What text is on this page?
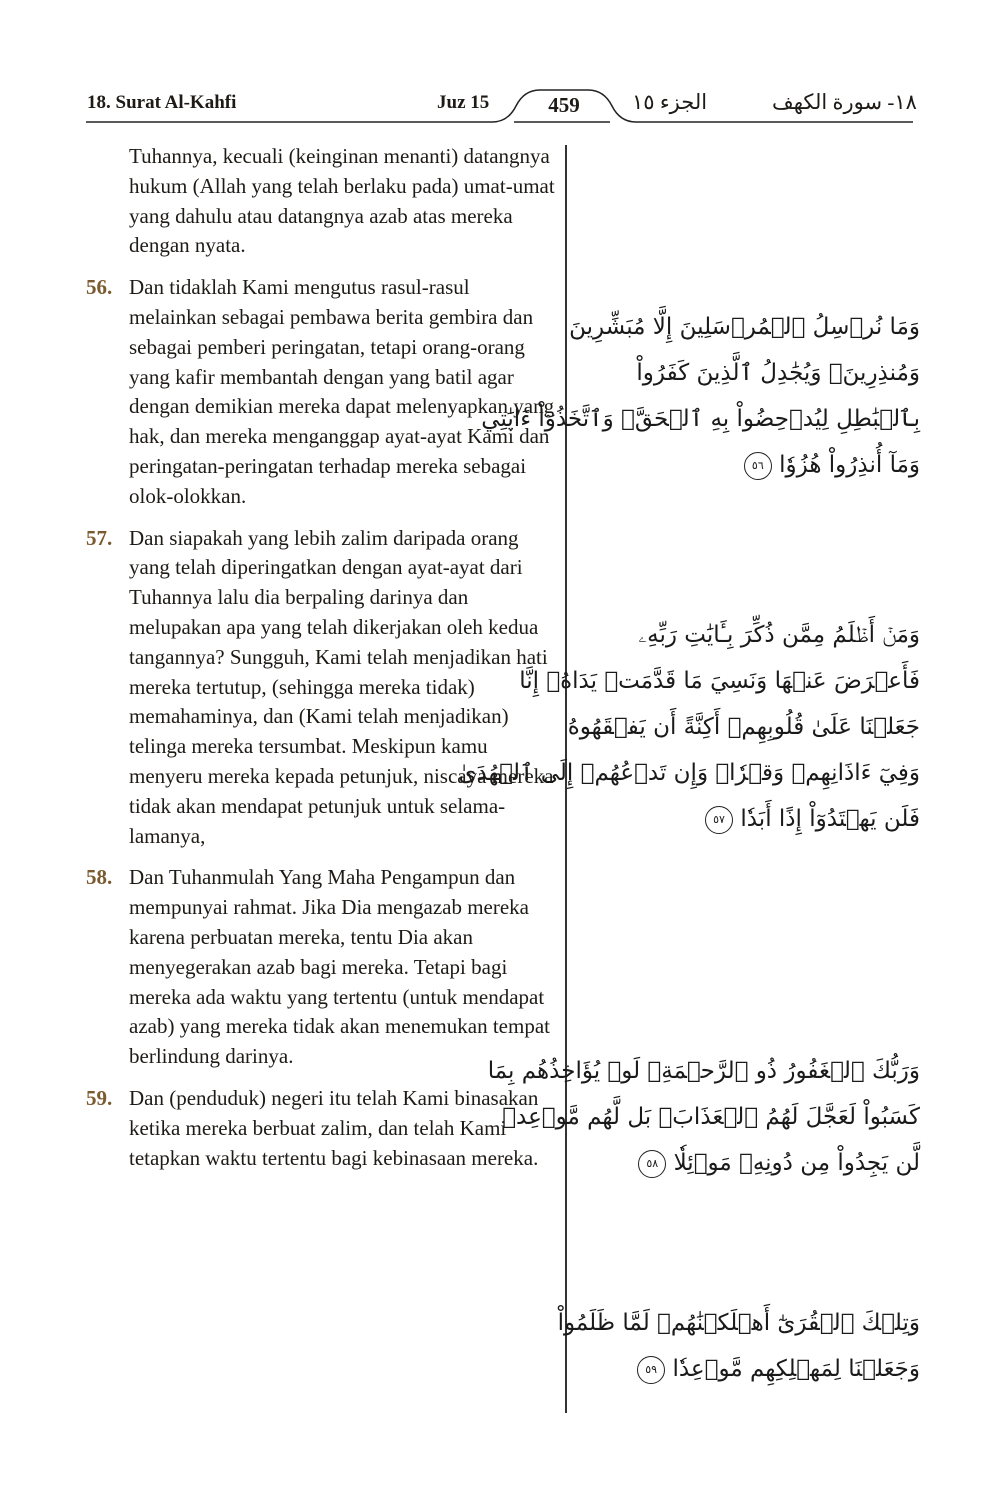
18. Surat Al-Kahfi	Juz 15	459	الجزء ١٥	١٨- سورة الكهف
Tuhannya, kecuali (keinginan menanti) datangnya hukum (Allah yang telah berlaku pada) umat-umat yang dahulu atau datangnya azab atas mereka dengan nyata.
56. Dan tidaklah Kami mengutus rasul-rasul melainkan sebagai pembawa berita gembira dan sebagai pemberi peringatan, tetapi orang-orang yang kafir membantah dengan yang batil agar dengan demikian mereka dapat melenyapkan yang hak, dan mereka menganggap ayat-ayat Kami dan peringatan-peringatan terhadap mereka sebagai olok-olokkan.
57. Dan siapakah yang lebih zalim daripada orang yang telah diperingatkan dengan ayat-ayat dari Tuhannya lalu dia berpaling darinya dan melupakan apa yang telah dikerjakan oleh kedua tangannya? Sungguh, Kami telah menjadikan hati mereka tertutup, (sehingga mereka tidak) memahaminya, dan (Kami telah menjadikan) telinga mereka tersumbat. Meskipun kamu menyeru mereka kepada petunjuk, niscaya mereka tidak akan mendapat petunjuk untuk selama-lamanya,
58. Dan Tuhanmulah Yang Maha Pengampun dan mempunyai rahmat. Jika Dia mengazab mereka karena perbuatan mereka, tentu Dia akan menyegerakan azab bagi mereka. Tetapi bagi mereka ada waktu yang tertentu (untuk mendapat azab) yang mereka tidak akan menemukan tempat berlindung darinya.
59. Dan (penduduk) negeri itu telah Kami binasakan ketika mereka berbuat zalim, dan telah Kami tetapkan waktu tertentu bagi kebinasaan mereka.
وَمَا نُرۡسِلُ ٱلۡمُرۡسَلِينَ إِلَّا مُبَشِّرِينَ
وَمُنذِرِينَۚ وَيُجَٰدِلُ ٱلَّذِينَ كَفَرُواْ
بِٱلۡبَٰطِلِ لِيُدۡحِضُواْ بِهِ ٱلۡحَقَّۖ وَٱتَّخَذُوٓاْ ءَايَٰتِي
وَمَآ أُنذِرُواْ هُزُوٗا ٥٦
وَمَنۡ أَظۡلَمُ مِمَّن ذُكِّرَ بِـَٔايَٰتِ رَبِّهِۦ
فَأَعۡرَضَ عَنۡهَا وَنَسِيَ مَا قَدَّمَتۡ يَدَاهُۚ إِنَّا
جَعَلۡنَا عَلَىٰ قُلُوبِهِمۡ أَكِنَّةً أَن يَفۡقَهُوهُ
وَفِيٓ ءَاذَانِهِمۡ وَقۡرٗاۖ وَإِن تَدۡعُهُمۡ إِلَى ٱلۡهُدَىٰ
فَلَن يَهۡتَدُوٓاْ إِذًا أَبَدٗا ٥٧
وَرَبُّكَ ٱلۡغَفُورُ ذُو ٱلرَّحۡمَةِۖ لَوۡ يُؤَاخِذُهُم بِمَا
كَسَبُواْ لَعَجَّلَ لَهُمُ ٱلۡعَذَابَۚ بَل لَّهُم مَّوۡعِدٞ
لَّن يَجِدُواْ مِن دُونِهِۦ مَوۡئِلٗا ٥٨
وَتِلۡكَ ٱلۡقُرَىٰٓ أَهۡلَكۡنَٰهُمۡ لَمَّا ظَلَمُواْ
وَجَعَلۡنَا لِمَهۡلِكِهِم مَّوۡعِدٗا ٥٩
